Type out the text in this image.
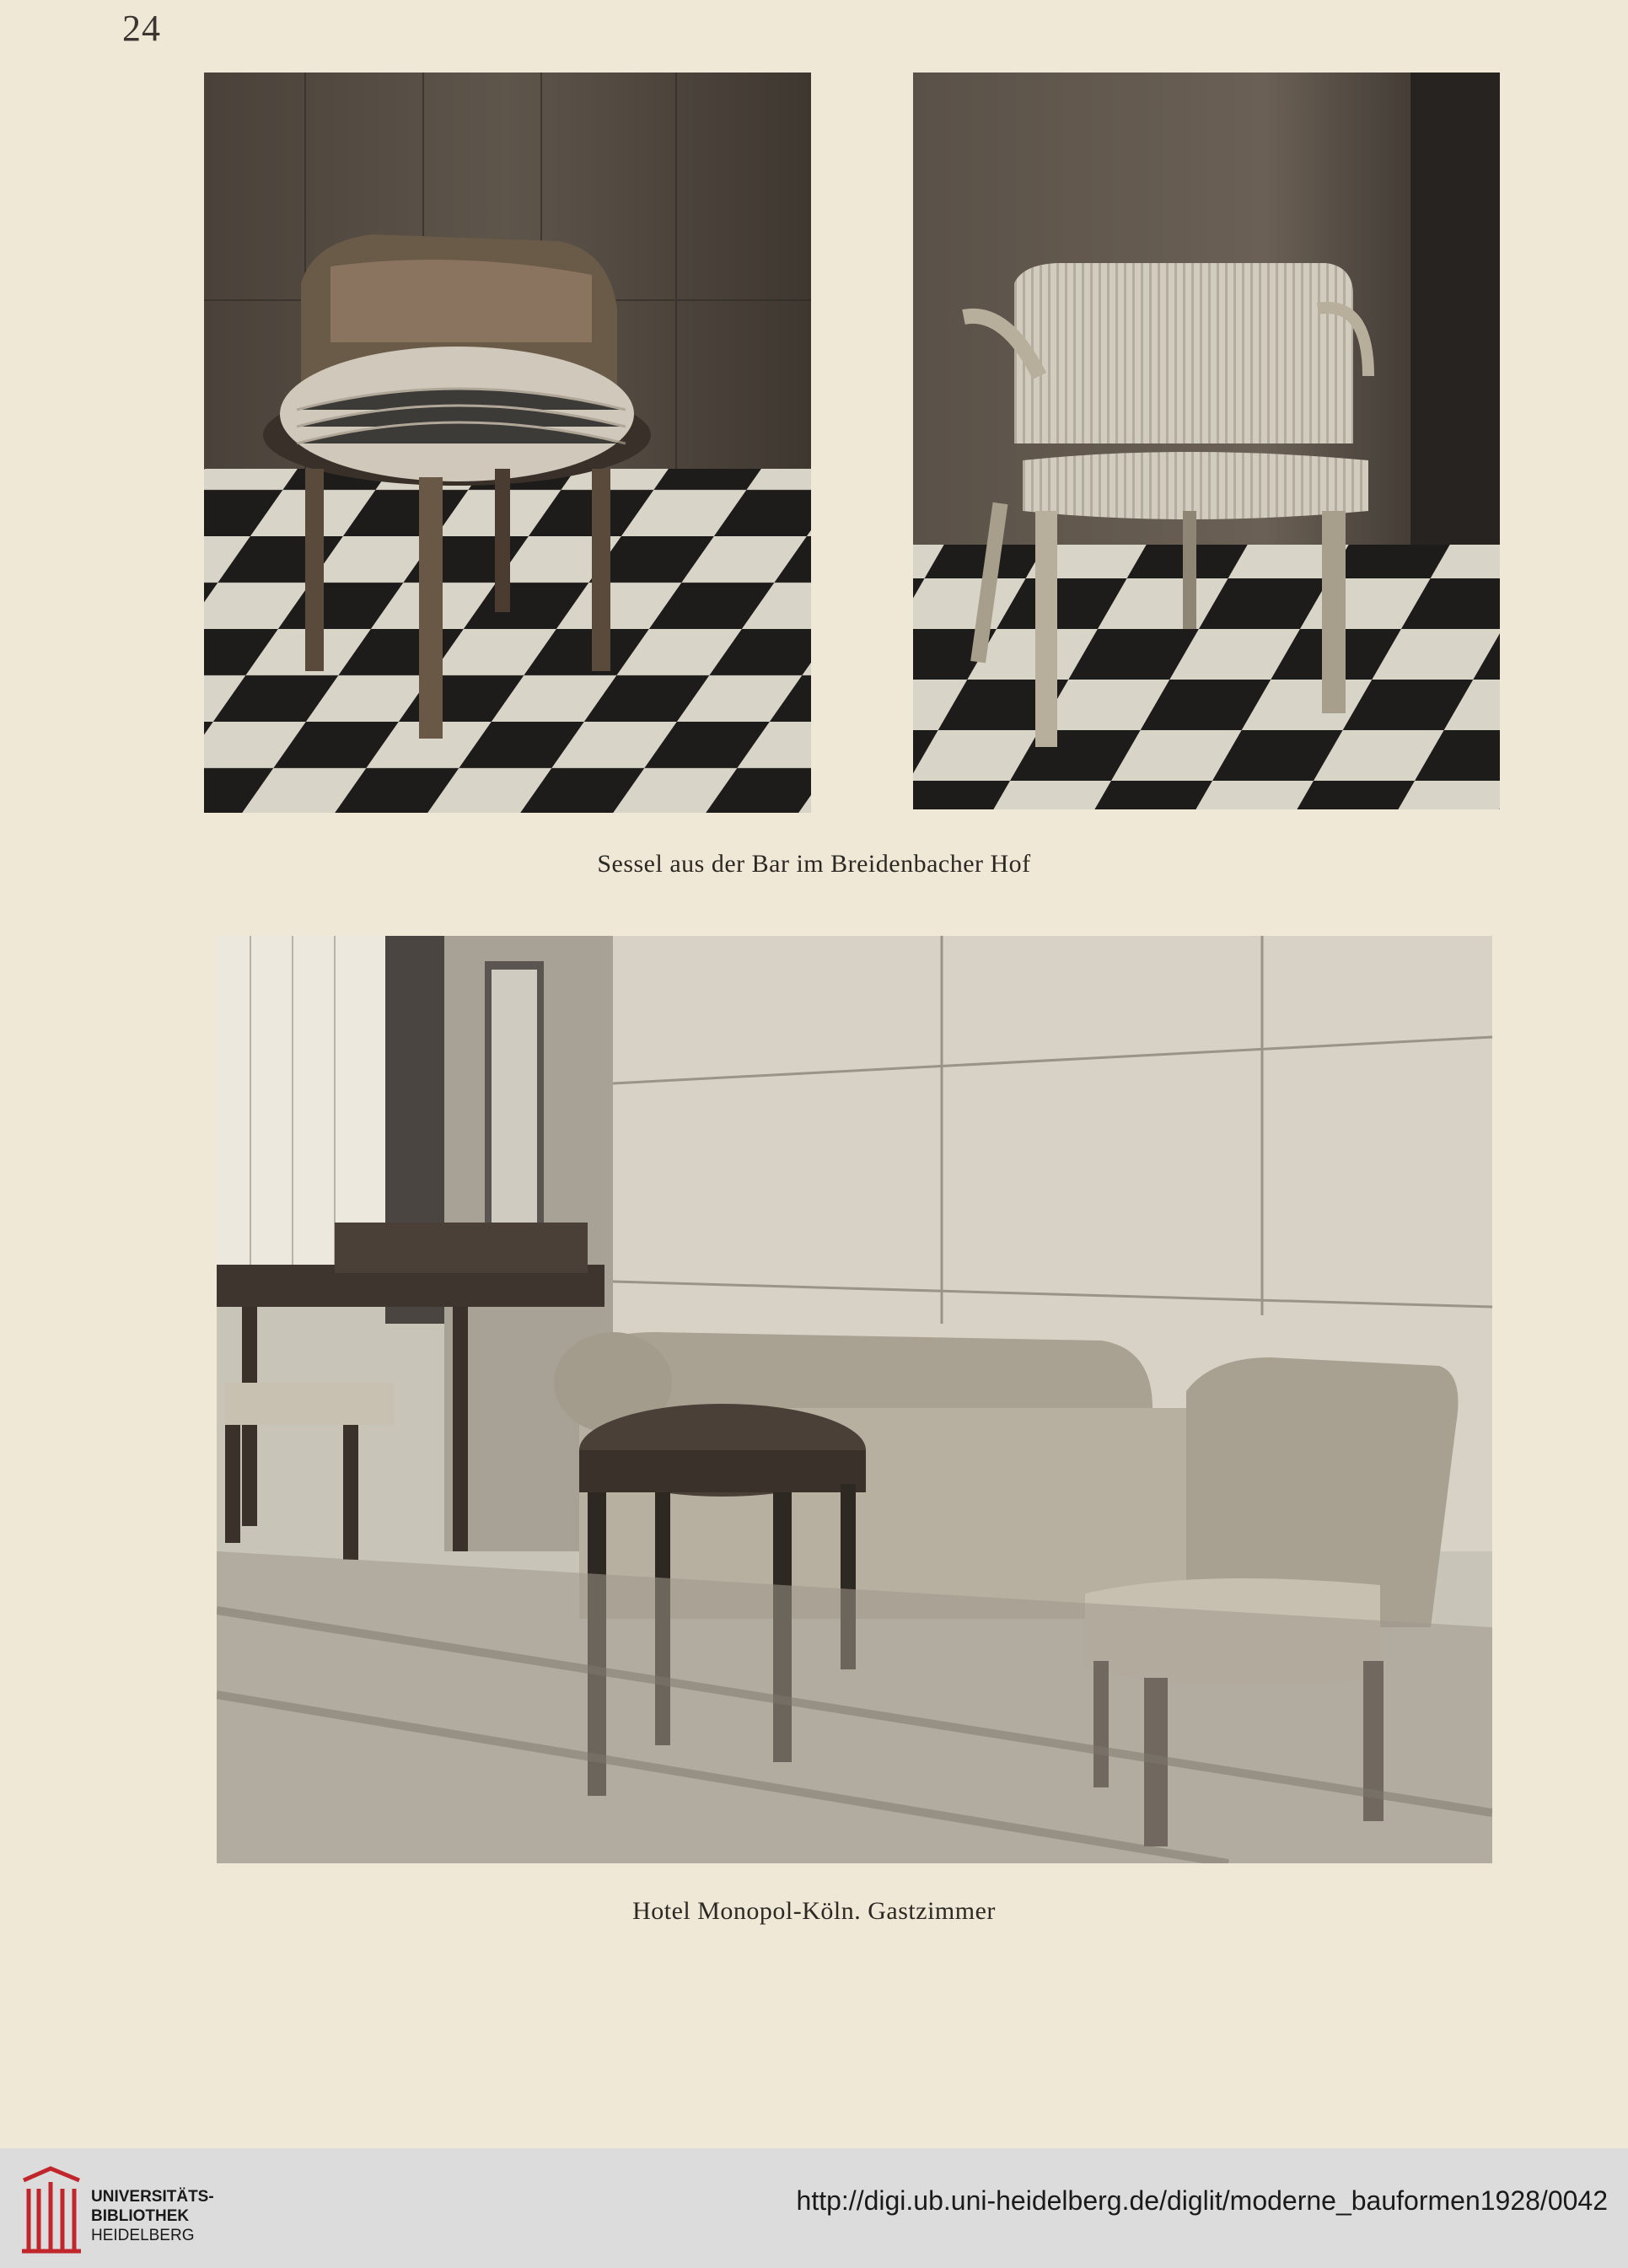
24
Sessel aus der Bar im Breidenbacher Hof
Hotel Monopol-Köln. Gastzimmer
UNIVERSITÄTS-
BIBLIOTHEK
HEIDELBERG
http://digi.ub.uni-heidelberg.de/diglit/moderne_bauformen1928/0042
